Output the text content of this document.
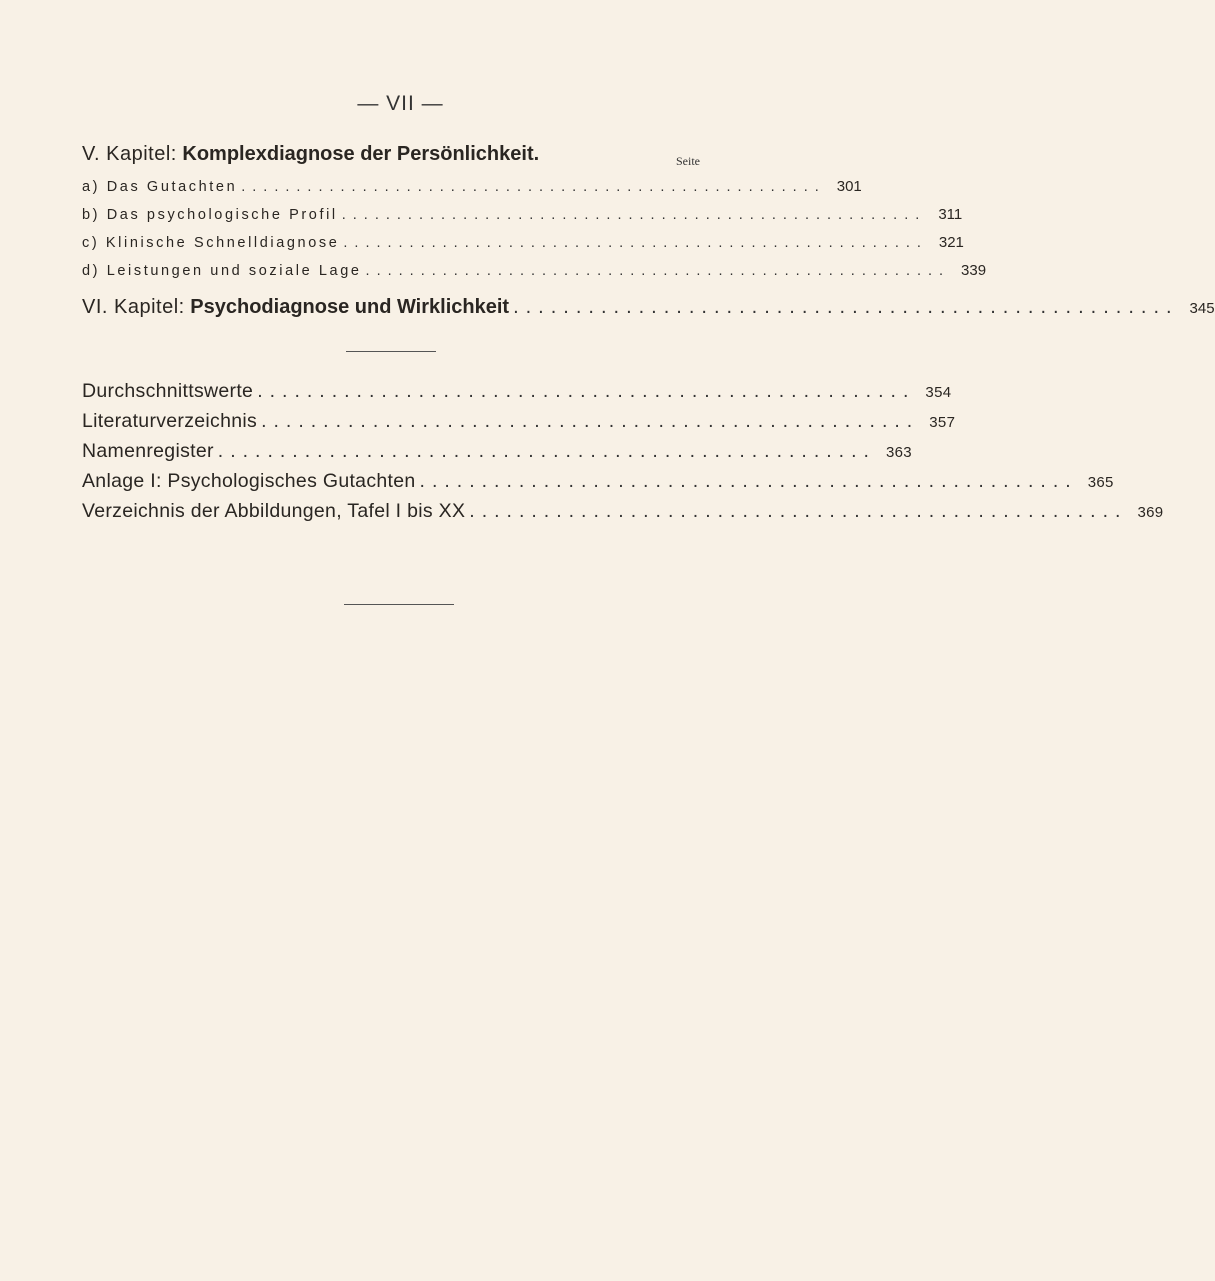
— VII —
V. Kapitel: Komplexdiagnose der Persönlichkeit.	Seite
a) Das Gutachten ..................................................... 301
b) Das psychologische Profil ..................................................... 311
c) Klinische Schnelldiagnose ..................................................... 321
d) Leistungen und soziale Lage ..................................................... 339
VI. Kapitel: Psychodiagnose und Wirklichkeit ..................................................... 345
Durchschnittswerte ..................................................... 354
Literaturverzeichnis ..................................................... 357
Namenregister ..................................................... 363
Anlage I: Psychologisches Gutachten ..................................................... 365
Verzeichnis der Abbildungen, Tafel I bis XX ..................................................... 369
